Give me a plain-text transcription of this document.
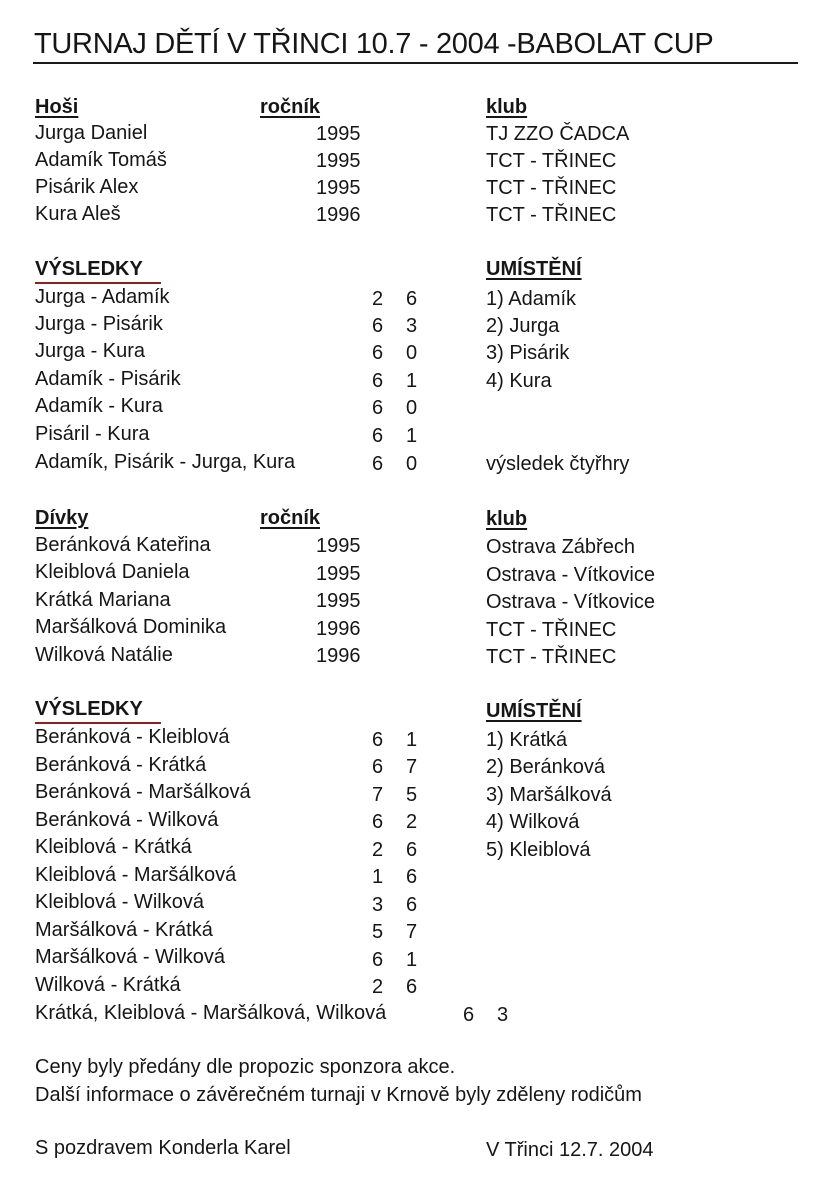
TURNAJ DĚTÍ V TŘINCI 10.7 - 2004 -BABOLAT CUP
Hoši	ročník	klub
Jurga Daniel	1995	TJ ZZO ČADCA
Adamík Tomáš	1995	TCT - TŘINEC
Pisárik Alex	1995	TCT - TŘINEC
Kura Aleš	1996	TCT - TŘINEC
VÝSLEDKY	UMÍSTĚNÍ
Jurga - Adamík	2 6
Jurga - Pisárik	6 3
Jurga - Kura	6 0
Adamík - Pisárik	6 1
Adamík - Kura	6 0
Pisáril - Kura	6 1
Adamík, Pisárik - Jurga, Kura	6 0	výsledek čtyřhry
1) Adamík
2) Jurga
3) Pisárik
4) Kura
Dívky	ročník	klub
Beránková Kateřina	1995	Ostrava Zábřech
Kleiblová Daniela	1995	Ostrava - Vítkovice
Krátká Mariana	1995	Ostrava - Vítkovice
Maršálková Dominika	1996	TCT - TŘINEC
Wilková Natálie	1996	TCT - TŘINEC
VÝSLEDKY	UMÍSTĚNÍ
Beránková - Kleiblová	6 1
Beránková - Krátká	6 7
Beránková - Maršálková	7 5
Beránková - Wilková	6 2
Kleiblová - Krátká	2 6
Kleiblová - Maršálková	1 6
Kleiblová - Wilková	3 6
Maršálková - Krátká	5 7
Maršálková - Wilková	6 1
Wilková - Krátká	2 6
Krátká, Kleiblová - Maršálková, Wilková	6 3
1) Krátká
2) Beránková
3) Maršálková
4) Wilková
5) Kleiblová
Ceny byly předány dle propozic sponzora akce.
Další informace o závěrečném turnaji v Krnově byly zděleny rodičům
S pozdravem Konderla Karel	V Třinci 12.7. 2004
